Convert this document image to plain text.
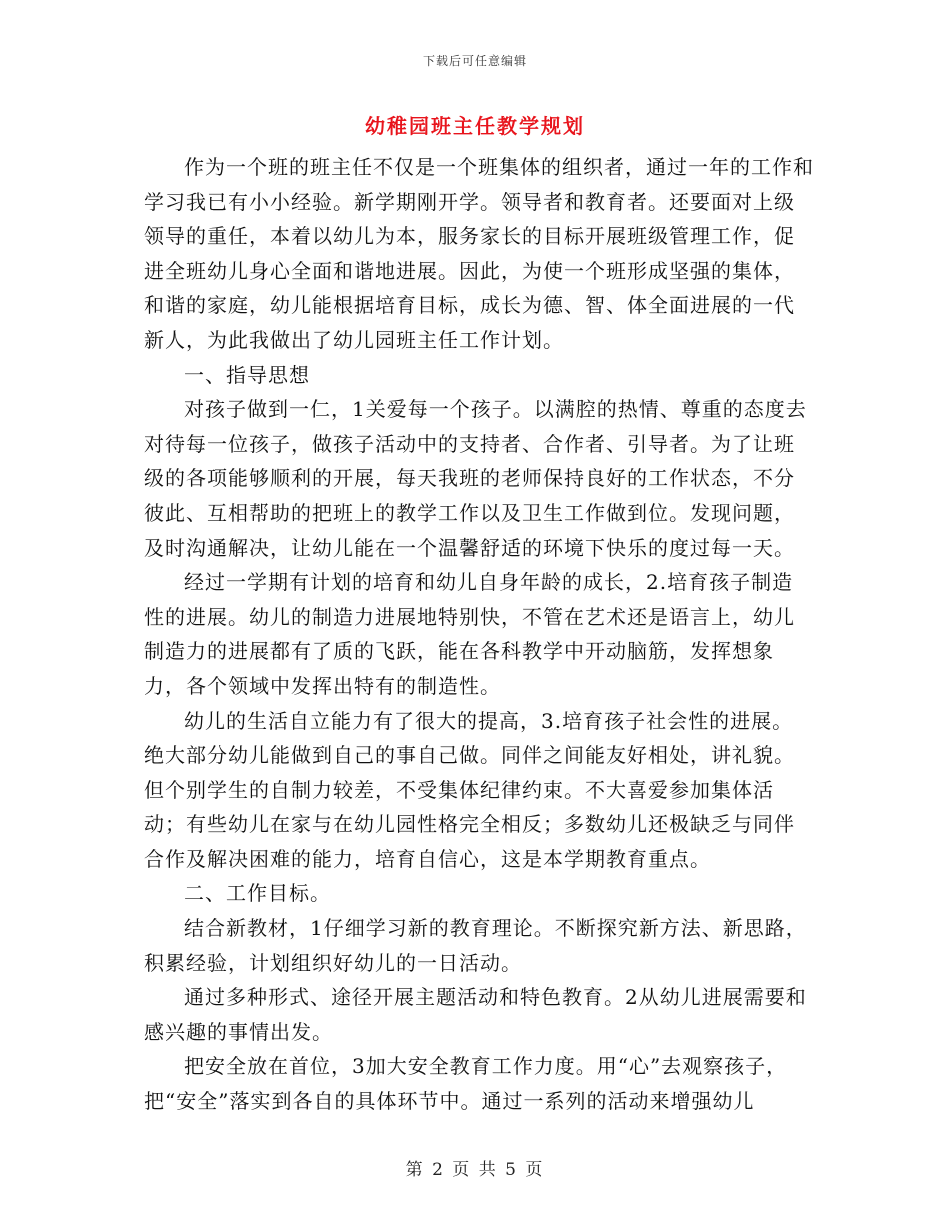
下载后可任意编辑
幼稚园班主任教学规划

作为一个班的班主任不仅是一个班集体的组织者，通过一年的工作和学习我已有小小经验。新学期刚开学。领导者和教育者。还要面对上级领导的重任，本着以幼儿为本，服务家长的目标开展班级管理工作，促进全班幼儿身心全面和谐地进展。因此，为使一个班形成坚强的集体，和谐的家庭，幼儿能根据培育目标，成长为德、智、体全面进展的一代新人，为此我做出了幼儿园班主任工作计划。

一、指导思想

对孩子做到一仁，1关爱每一个孩子。以满腔的热情、尊重的态度去对待每一位孩子，做孩子活动中的支持者、合作者、引导者。为了让班级的各项能够顺利的开展，每天我班的老师保持良好的工作状态，不分彼此、互相帮助的把班上的教学工作以及卫生工作做到位。发现问题，及时沟通解决，让幼儿能在一个温馨舒适的环境下快乐的度过每一天。

经过一学期有计划的培育和幼儿自身年龄的成长，2.培育孩子制造性的进展。幼儿的制造力进展地特别快，不管在艺术还是语言上，幼儿制造力的进展都有了质的飞跃，能在各科教学中开动脑筋，发挥想象力，各个领域中发挥出特有的制造性。

幼儿的生活自立能力有了很大的提高，3.培育孩子社会性的进展。绝大部分幼儿能做到自己的事自己做。同伴之间能友好相处，讲礼貌。但个别学生的自制力较差，不受集体纪律约束。不大喜爱参加集体活动；有些幼儿在家与在幼儿园性格完全相反；多数幼儿还极缺乏与同伴合作及解决困难的能力，培育自信心，这是本学期教育重点。

二、工作目标。

结合新教材，1仔细学习新的教育理论。不断探究新方法、新思路，积累经验，计划组织好幼儿的一日活动。

通过多种形式、途径开展主题活动和特色教育。2从幼儿进展需要和感兴趣的事情出发。

把安全放在首位，3加大安全教育工作力度。用“心”去观察孩子，把“安全”落实到各自的具体环节中。通过一系列的活动来增强幼儿

第 2 页 共 5 页
